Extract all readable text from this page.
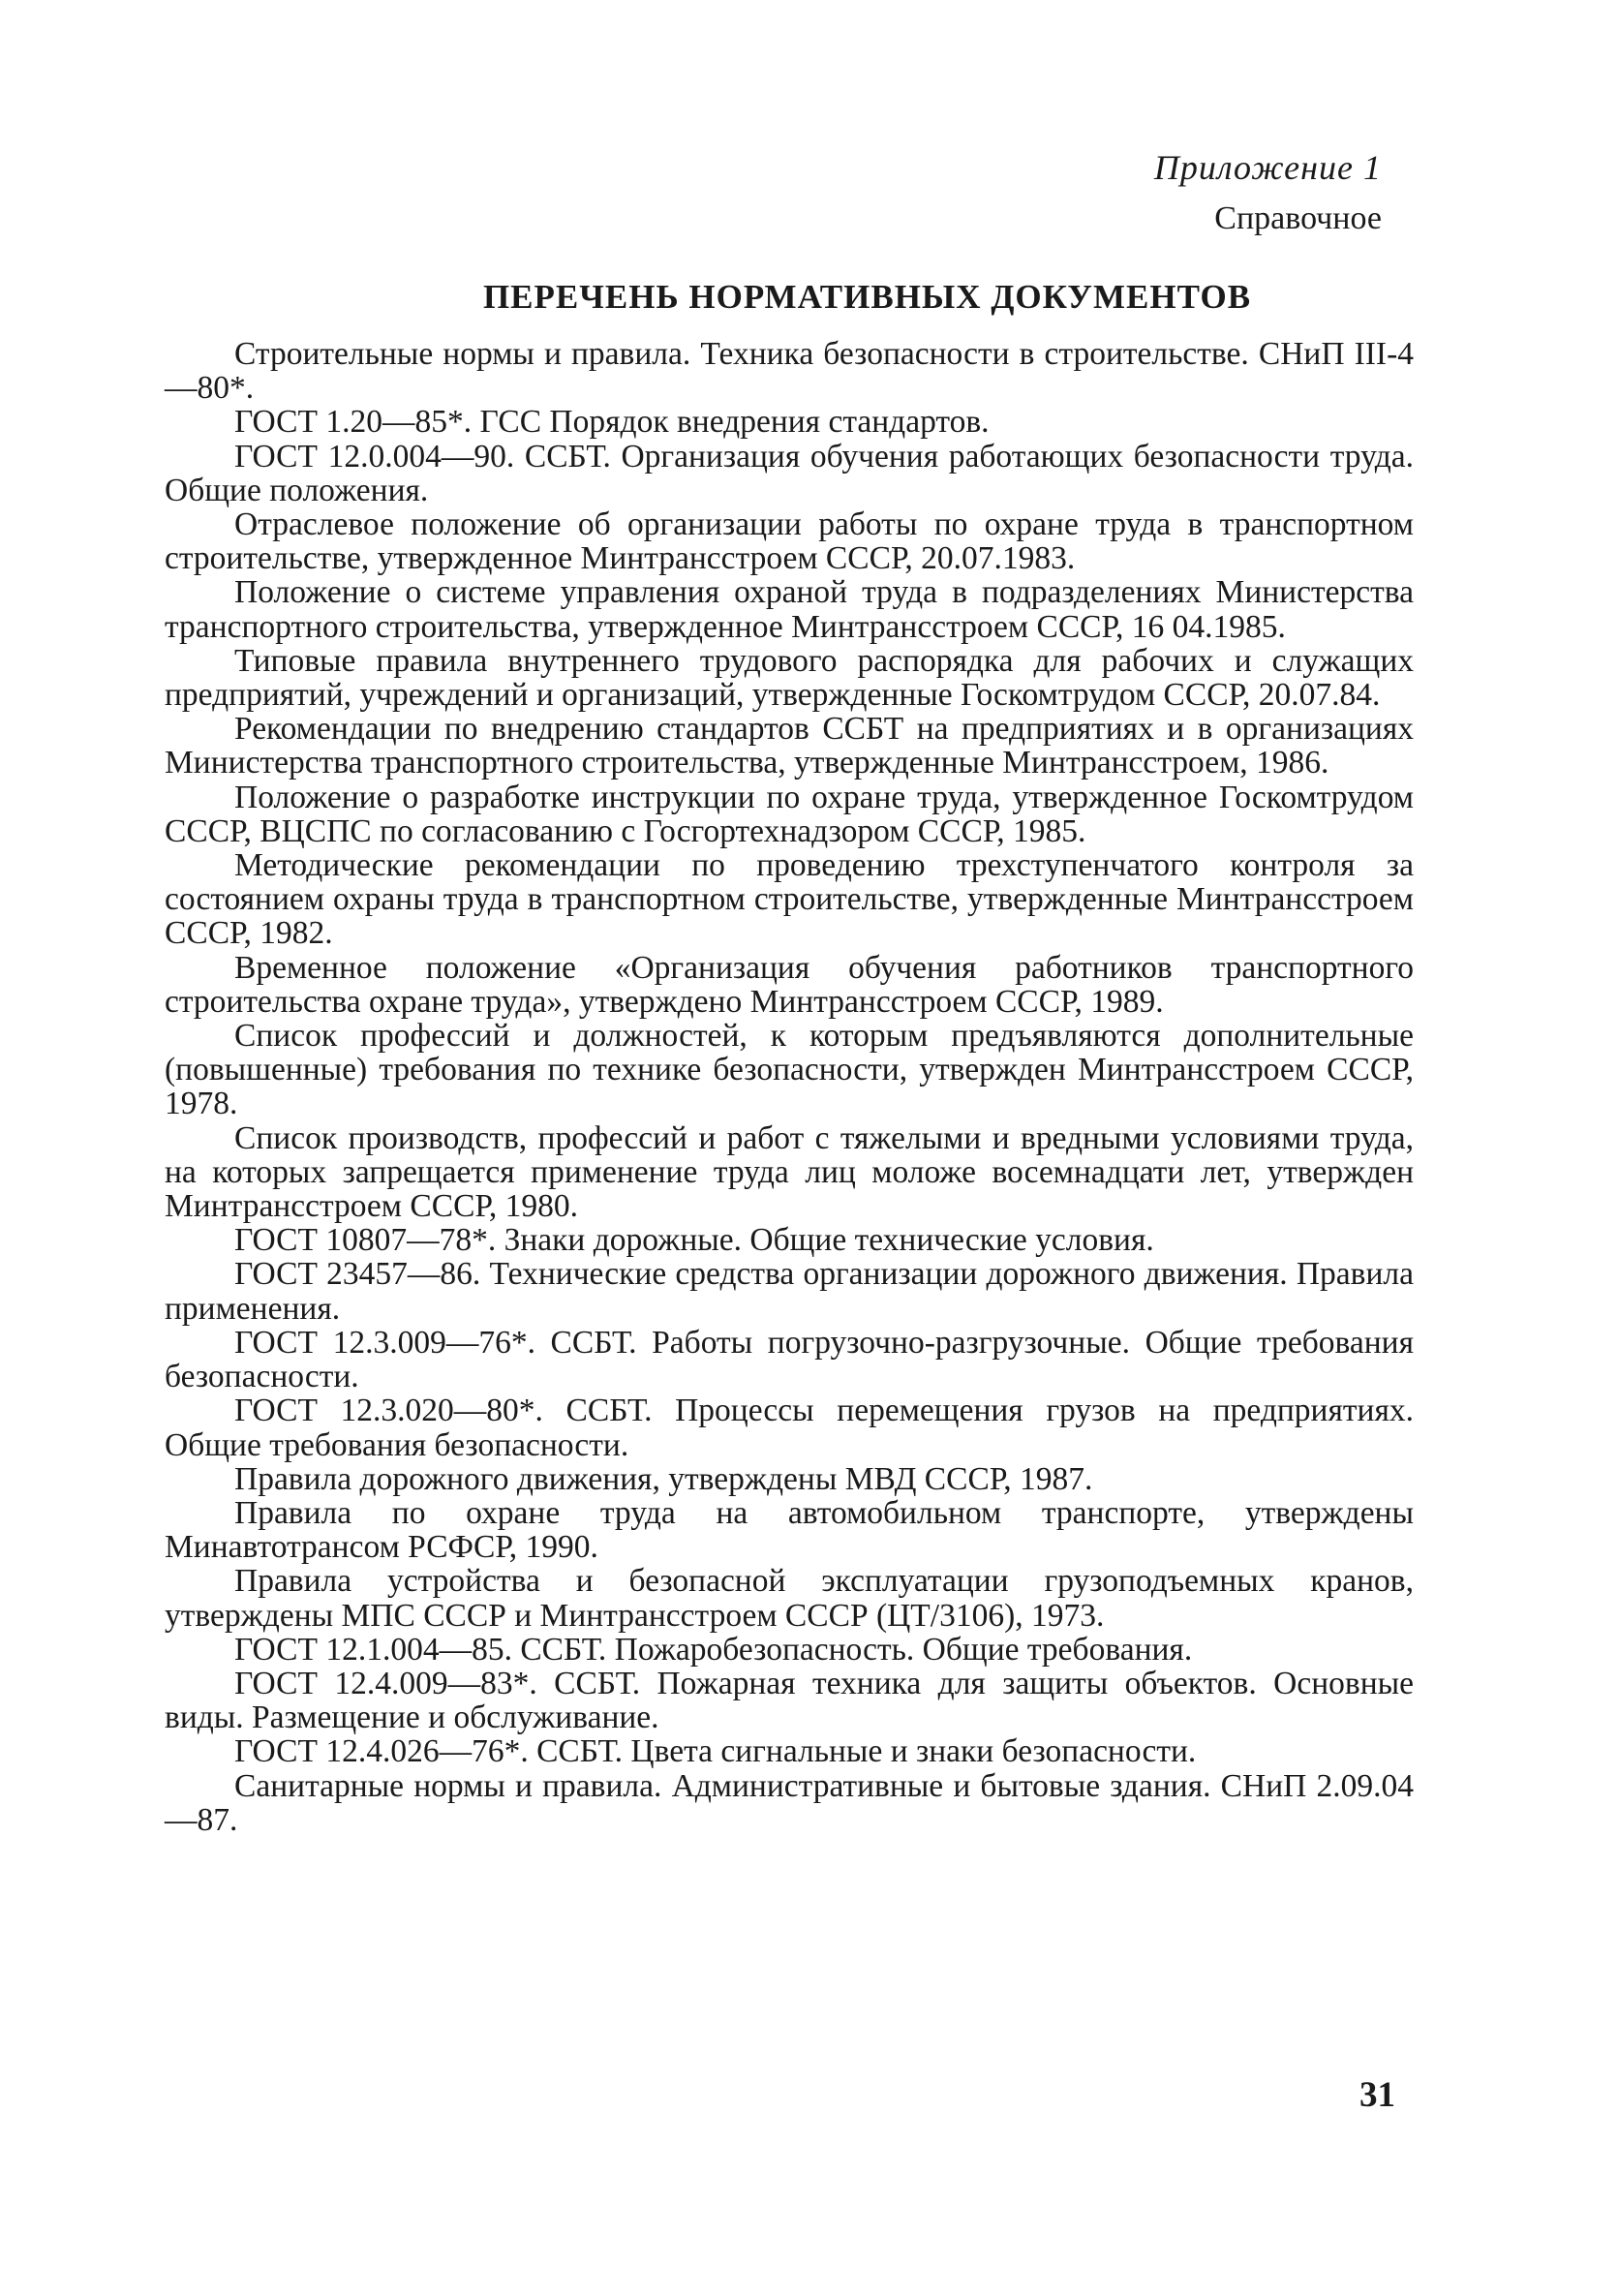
Приложение 1
Справочное
ПЕРЕЧЕНЬ НОРМАТИВНЫХ ДОКУМЕНТОВ

Строительные нормы и правила. Техника безопасности в строительстве. СНиП III-4—80*.

ГОСТ 1.20—85*. ГСС Порядок внедрения стандартов.

ГОСТ 12.0.004—90. ССБТ. Организация обучения работающих безопасности труда. Общие положения.

Отраслевое положение об организации работы по охране труда в транспортном строительстве, утвержденное Минтрансстроем СССР, 20.07.1983.

Положение о системе управления охраной труда в подразделениях Министерства транспортного строительства, утвержденное Минтрансстроем СССР, 16 04.1985.

Типовые правила внутреннего трудового распорядка для рабочих и служащих предприятий, учреждений и организаций, утвержденные Госкомтрудом СССР, 20.07.84.

Рекомендации по внедрению стандартов ССБТ на предприятиях и в организациях Министерства транспортного строительства, утвержденные Минтрансстроем, 1986.

Положение о разработке инструкции по охране труда, утвержденное Госкомтрудом СССР, ВЦСПС по согласованию с Госгортехнадзором СССР, 1985.

Методические рекомендации по проведению трехступенчатого контроля за состоянием охраны труда в транспортном строительстве, утвержденные Минтрансстроем СССР, 1982.

Временное положение «Организация обучения работников транспортного строительства охране труда», утверждено Минтрансстроем СССР, 1989.

Список профессий и должностей, к которым предъявляются дополнительные (повышенные) требования по технике безопасности, утвержден Минтрансстроем СССР, 1978.

Список производств, профессий и работ с тяжелыми и вредными условиями труда, на которых запрещается применение труда лиц моложе восемнадцати лет, утвержден Минтрансстроем СССР, 1980.

ГОСТ 10807—78*. Знаки дорожные. Общие технические условия.

ГОСТ 23457—86. Технические средства организации дорожного движения. Правила применения.

ГОСТ 12.3.009—76*. ССБТ. Работы погрузочно-разгрузочные. Общие требования безопасности.

ГОСТ 12.3.020—80*. ССБТ. Процессы перемещения грузов на предприятиях. Общие требования безопасности.

Правила дорожного движения, утверждены МВД СССР, 1987.

Правила по охране труда на автомобильном транспорте, утверждены Минавтотрансом РСФСР, 1990.

Правила устройства и безопасной эксплуатации грузоподъемных кранов, утверждены МПС СССР и Минтрансстроем СССР (ЦТ/3106), 1973.

ГОСТ 12.1.004—85. ССБТ. Пожаробезопасность. Общие требования.

ГОСТ 12.4.009—83*. ССБТ. Пожарная техника для защиты объектов. Основные виды. Размещение и обслуживание.

ГОСТ 12.4.026—76*. ССБТ. Цвета сигнальные и знаки безопасности.

Санитарные нормы и правила. Административные и бытовые здания. СНиП 2.09.04—87.

31
